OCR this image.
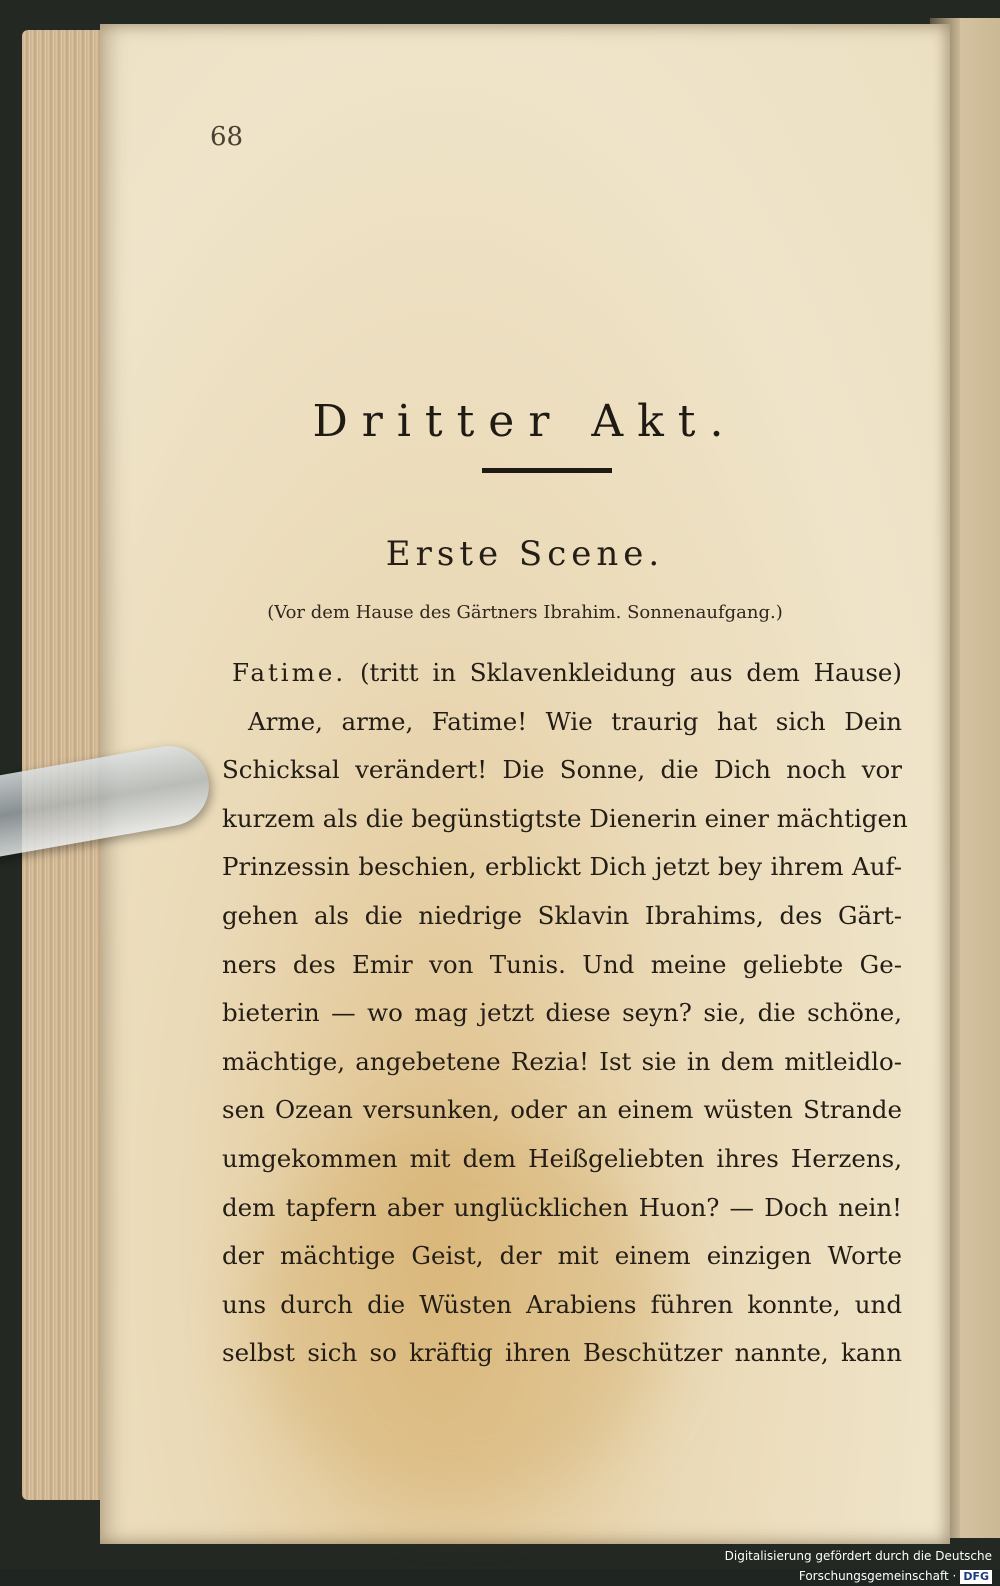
68
Dritter Akt.
Erste Scene.
(Vor dem Hause des Gärtners Ibrahim. Sonnenaufgang.)
Fatime. (tritt in Sklavenkleidung aus dem Hause)
Arme, arme, Fatime! Wie traurig hat sich Dein
Schicksal verändert! Die Sonne, die Dich noch vor
kurzem als die begünstigtste Dienerin einer mächtigen
Prinzessin beschien, erblickt Dich jetzt bey ihrem Auf-
gehen als die niedrige Sklavin Ibrahims, des Gärt-
ners des Emir von Tunis. Und meine geliebte Ge-
bieterin — wo mag jetzt diese seyn? sie, die schöne,
mächtige, angebetene Rezia! Ist sie in dem mitleidlo-
sen Ozean versunken, oder an einem wüsten Strande
umgekommen mit dem Heißgeliebten ihres Herzens,
dem tapfern aber unglücklichen Huon? — Doch nein!
der mächtige Geist, der mit einem einzigen Worte
uns durch die Wüsten Arabiens führen konnte, und
selbst sich so kräftig ihren Beschützer nannte, kann
Digitalisierung gefördert durch die Deutsche Forschungsgemeinschaft · DFG
